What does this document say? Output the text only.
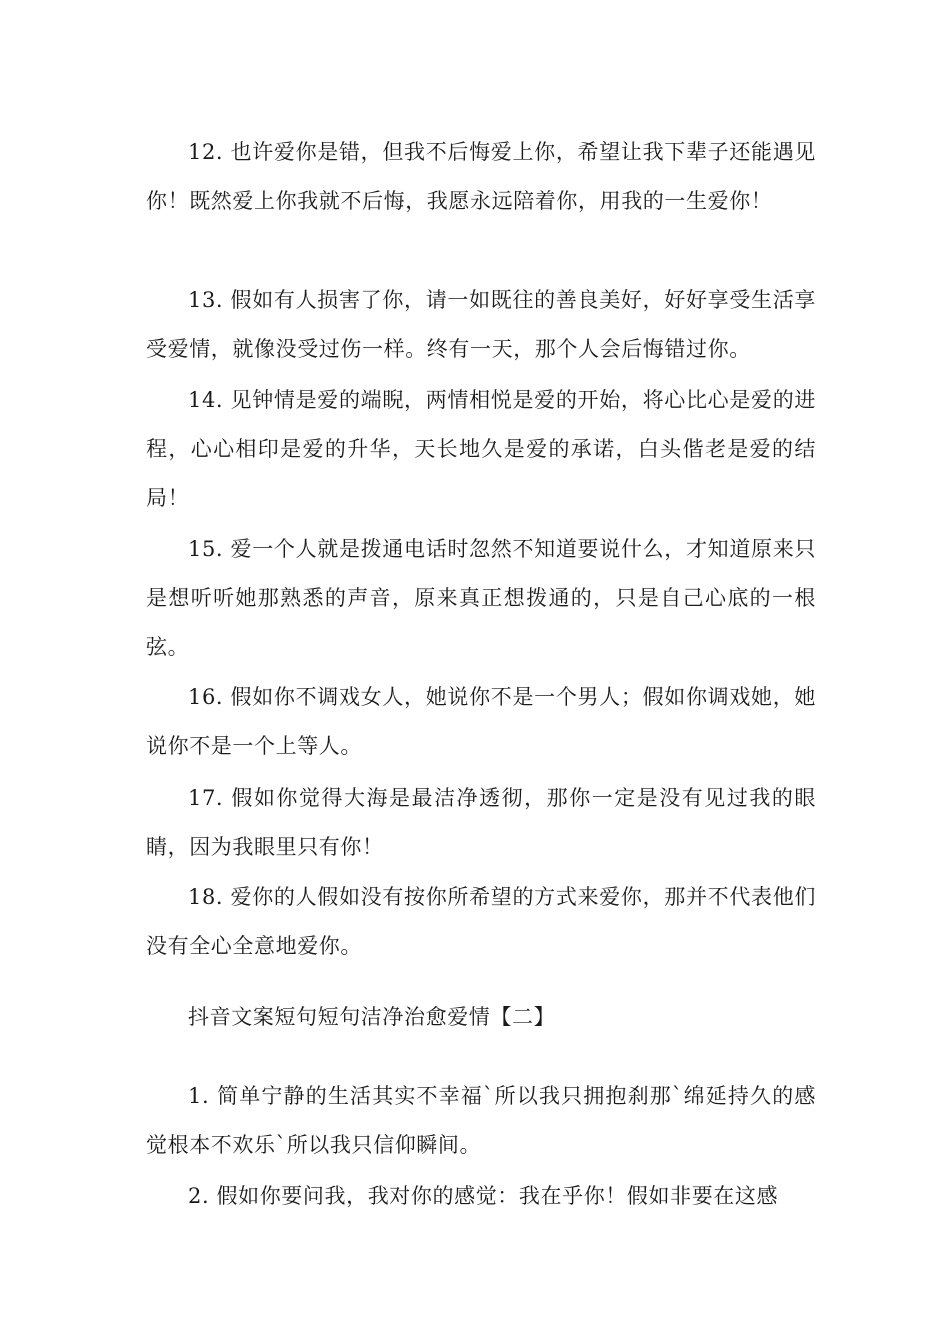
12. 也许爱你是错，但我不后悔爱上你，希望让我下辈子还能遇见你！既然爱上你我就不后悔，我愿永远陪着你，用我的一生爱你！

13. 假如有人损害了你，请一如既往的善良美好，好好享受生活享受爱情，就像没受过伤一样。终有一天，那个人会后悔错过你。

14. 见钟情是爱的端睨，两情相悦是爱的开始，将心比心是爱的进程，心心相印是爱的升华，天长地久是爱的承诺，白头偕老是爱的结局！

15. 爱一个人就是拨通电话时忽然不知道要说什么，才知道原来只是想听听她那熟悉的声音，原来真正想拨通的，只是自己心底的一根弦。

16. 假如你不调戏女人，她说你不是一个男人；假如你调戏她，她说你不是一个上等人。

17. 假如你觉得大海是最洁净透彻，那你一定是没有见过我的眼睛，因为我眼里只有你！

18. 爱你的人假如没有按你所希望的方式来爱你，那并不代表他们没有全心全意地爱你。

抖音文案短句短句洁净治愈爱情【二】

1. 简单宁静的生活其实不幸福`所以我只拥抱刹那`绵延持久的感觉根本不欢乐`所以我只信仰瞬间。

2. 假如你要问我，我对你的感觉：我在乎你！假如非要在这感
